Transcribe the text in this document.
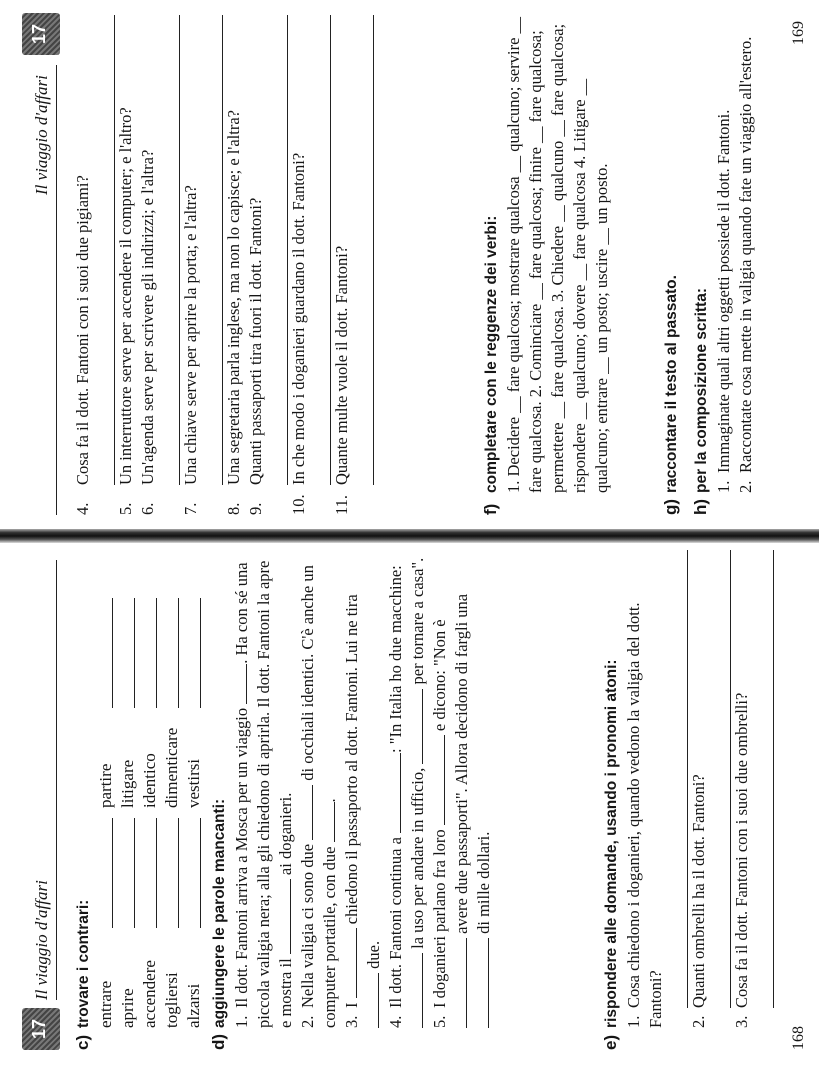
17
Il viaggio d'affari
c)trovare i contrari: entrare
partire
aprire
litigare
accendere
identico
togliersi
dimenticare
alzarsi
vestirsi
d)aggiungere le parole mancanti: 1.Il dott. Fantoni arriva a Mosca per un viaggio . Ha con sé una piccola valigia nera; alla gli chiedono di aprirla. Il dott. Fantoni la apre e mostra il  ai doganieri.
2.Nella valigia ci sono due  di occhiali identici. C'è anche un computer portatile, con due .
3.I  chiedono il passaporto al dott. Fantoni. Lui ne tira  due.
4.Il dott. Fantoni continua a : "In Italia ho due macchine:  la uso per andare in ufficio,  per tornare a casa".
5.I doganieri parlano fra loro  e dicono: "Non è avere due passaporti". Allora decidono di fargli una di mille dollari.
e)rispondere alle domande, usando i pronomi atoni: 1.Cosa chiedono i doganieri, quando vedono la valigia del dott. Fantoni? 2.Quanti ombrelli ha il dott. Fantoni?
3.Cosa fa il dott. Fantoni con i suoi due ombrelli?
168
Il viaggio d'affari
17
4.Cosa fa il dott. Fantoni con i suoi due pigiami?
5.Un interruttore serve per accendere il computer; e l'altro?
6.Un'agenda serve per scrivere gli indirizzi; e l'altra?
7.Una chiave serve per aprire la porta; e l'altra?
8.Una segretaria parla inglese, ma non lo capisce; e l'altra?
9.Quanti passaporti tira fuori il dott. Fantoni?
10.In che modo i doganieri guardano il dott. Fantoni?
11.Quante multe vuole il dott. Fantoni?
f)completare con le reggenze dei verbi: 1. Decidere __ fare qualcosa; mostrare qualcosa __ qualcuno; servire __ fare qualcosa. 2. Cominciare __ fare qualcosa; finire __ fare qualcosa; permettere __ fare qualcosa. 3. Chiedere __ qualcuno __ fare qualcosa; rispondere __ qualcuno; dovere __ fare qualcosa 4. Litigare __ qualcuno; entrare __ un posto; uscire __ un posto.
g)raccontare il testo al passato.
h)per la composizione scritta: 1.Immaginate quali altri oggetti possiede il dott. Fantoni.
2.Raccontate cosa mette in valigia quando fate un viaggio all'estero.
169
